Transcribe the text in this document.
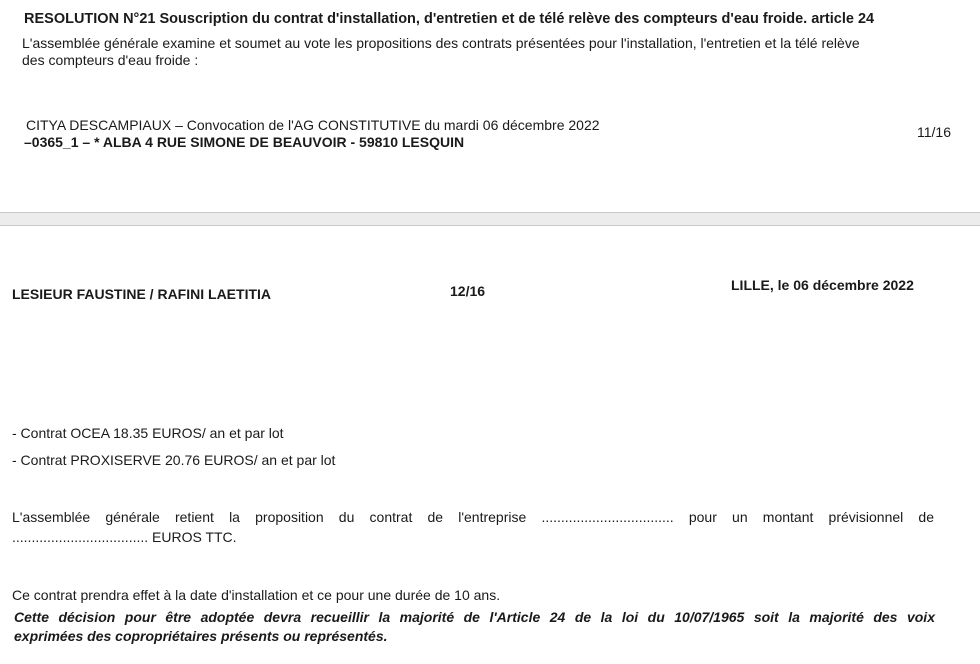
RESOLUTION N°21 Souscription du contrat d'installation, d'entretien et de télé relève des compteurs d'eau froide. article 24
L'assemblée générale examine et soumet au vote les propositions des contrats présentées pour l'installation, l'entretien et la télé relève
des compteurs d'eau froide :
CITYA DESCAMPIAUX – Convocation de l'AG CONSTITUTIVE du mardi 06 décembre 2022
–0365_1 – * ALBA 4 RUE SIMONE DE BEAUVOIR - 59810 LESQUIN
11/16
LESIEUR FAUSTINE / RAFINI LAETITIA	12/16	LILLE, le 06 décembre 2022
- Contrat OCEA 18.35 EUROS/ an et par lot
- Contrat PROXISERVE 20.76 EUROS/ an et par lot
L'assemblée générale retient la proposition du contrat de l'entreprise .................................. pour un montant prévisionnel de
................................... EUROS TTC.
Ce contrat prendra effet à la date d'installation et ce pour une durée de 10 ans.
Cette décision pour être adoptée devra recueillir la majorité de l'Article 24 de la loi du 10/07/1965 soit la majorité des voix
exprimées des copropriétaires présents ou représentés.
